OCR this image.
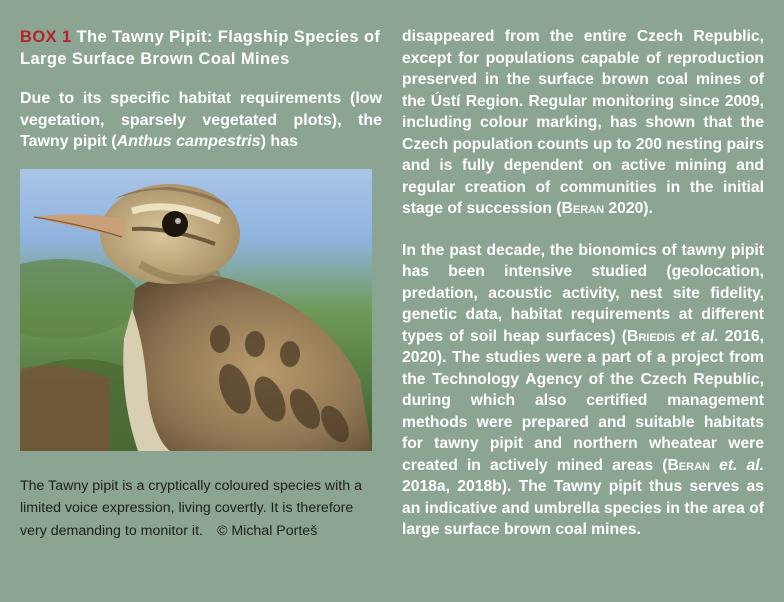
BOX 1 The Tawny Pipit: Flagship Species of Large Surface Brown Coal Mines
Due to its specific habitat requirements (low vegetation, sparsely vegetated plots), the Tawny pipit (Anthus campestris) has
The Tawny pipit is a cryptically coloured species with a limited voice expression, living covertly. It is therefore very demanding to monitor it. © Michal Porteš

disappeared from the entire Czech Republic, except for populations capable of reproduction preserved in the surface brown coal mines of the Ústí Region. Regular monitoring since 2009, including colour marking, has shown that the Czech population counts up to 200 nesting pairs and is fully dependent on active mining and regular creation of communities in the initial stage of succession (Beran 2020).

In the past decade, the bionomics of tawny pipit has been intensive studied (geolocation, predation, acoustic activity, nest site fidelity, genetic data, habitat requirements at different types of soil heap surfaces) (Briedis et al. 2016, 2020). The studies were a part of a project from the Technology Agency of the Czech Republic, during which also certified management methods were prepared and suitable habitats for tawny pipit and northern wheatear were created in actively mined areas (Beran et. al. 2018a, 2018b). The Tawny pipit thus serves as an indicative and umbrella species in the area of large surface brown coal mines.
